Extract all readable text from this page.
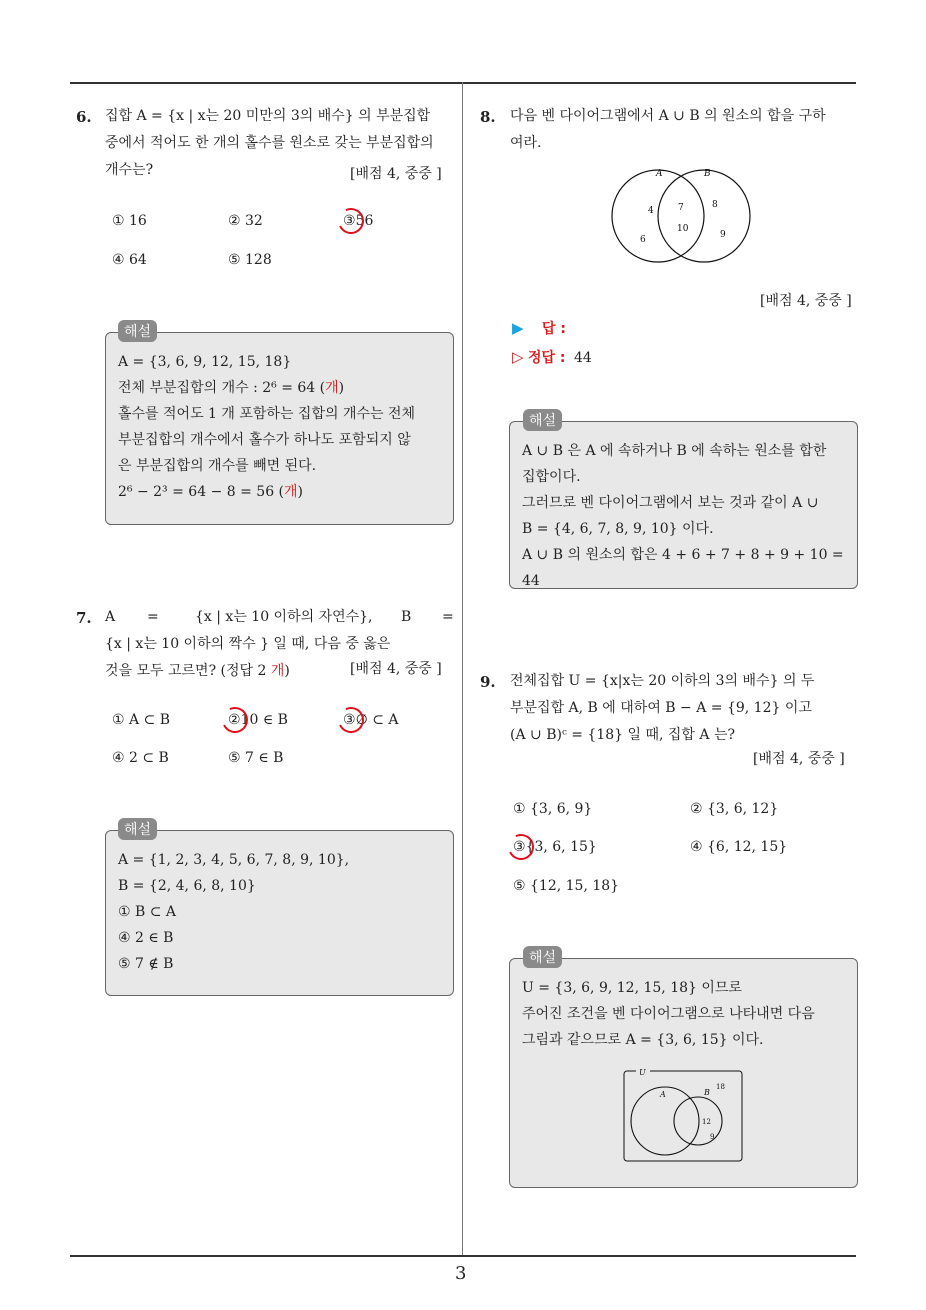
3
6. 집합 A = {x | x는 20 미만의 3의 배수} 의 부분집합
중에서 적어도 한 개의 홀수를 원소로 갖는 부분집합의
개수는?	[배점 4, 중중 ]
① 16	② 32	③56
④ 64	⑤ 128
A = {3, 6, 9, 12, 15, 18}
전체 부분집합의 개수 : 2⁶ = 64 (개)
홀수를 적어도 1 개 포함하는 집합의 개수는 전체
부분집합의 개수에서 홀수가 하나도 포함되지 않
은 부분집합의 개수를 빼면 된다.
2⁶ − 2³ = 64 − 8 = 56 (개)
해설
7. A =	{x | x는 10 이하의 자연수}, B =
{x | x는 10 이하의 짝수 } 일 때, 다음 중 옳은
것을 모두 고르면? (정답 2 개)	[배점 4, 중중 ]
① A ⊂ B	②10 ∈ B	③∅ ⊂ A
④ 2 ⊂ B	⑤ 7 ∈ B
A = {1, 2, 3, 4, 5, 6, 7, 8, 9, 10},
B = {2, 4, 6, 8, 10}
① B ⊂ A
④ 2 ∈ B
⑤ 7 ∉ B
해설
8. 다음 벤 다이어그램에서 A ∪ B 의 원소의 합을 구하
여라.
A	B
4
6
7
10
8
9
[배점 4, 중중 ]
▶ 답 :
▷ 정답 : 44
A ∪ B 은 A 에 속하거나 B 에 속하는 원소를 합한
집합이다.
그러므로 벤 다이어그램에서 보는 것과 같이 A ∪
B = {4, 6, 7, 8, 9, 10} 이다.
A ∪ B 의 원소의 합은 4 + 6 + 7 + 8 + 9 + 10 = 44
해설
9. 전체집합 U = {x|x는 20 이하의 3의 배수} 의 두
부분집합 A, B 에 대하여 B − A = {9, 12} 이고
(A ∪ B)ᶜ = {18} 일 때, 집합 A 는?
[배점 4, 중중 ]
① {3, 6, 9}	② {3, 6, 12}
③{3, 6, 15}	④ {6, 12, 15}
⑤ {12, 15, 18}
U = {3, 6, 9, 12, 15, 18} 이므로
주어진 조건을 벤 다이어그램으로 나타내면 다음
그림과 같으므로 A = {3, 6, 15} 이다.
해설
U
A	B
18
12
9
